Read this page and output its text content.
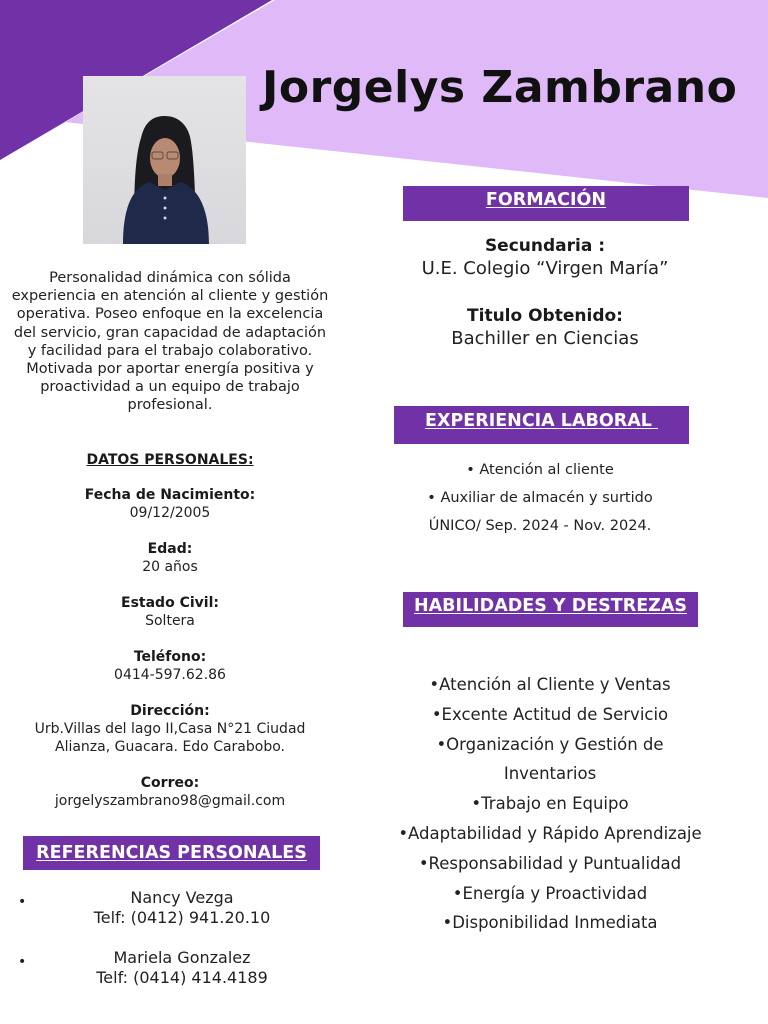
Jorgelys Zambrano

Personalidad dinámica con sólida experiencia en atención al cliente y gestión operativa. Poseo enfoque en la excelencia del servicio, gran capacidad de adaptación y facilidad para el trabajo colaborativo. Motivada por aportar energía positiva y proactividad a un equipo de trabajo profesional.

DATOS PERSONALES:
Fecha de Nacimiento:
09/12/2005
Edad:
20 años
Estado Civil:
Soltera
Teléfono:
0414-597.62.86
Dirección:
Urb.Villas del lago II,Casa N°21 Ciudad Alianza, Guacara. Edo Carabobo.
Correo:
jorgelyszambrano98@gmail.com
REFERENCIAS PERSONALES
•	Nancy Vezga
Telf: (0412) 941.20.10
•	Mariela Gonzalez
Telf: (0414) 414.4189
FORMACIÓN
Secundaria :
U.E. Colegio “Virgen María”
Titulo Obtenido:
Bachiller en Ciencias
EXPERIENCIA LABORAL
• Atención al cliente
• Auxiliar de almacén y surtido
ÚNICO/ Sep. 2024 - Nov. 2024.
HABILIDADES Y DESTREZAS
•Atención al Cliente y Ventas
•Excente Actitud de Servicio
•Organización y Gestión de
Inventarios
•Trabajo en Equipo
•Adaptabilidad y Rápido Aprendizaje
•Responsabilidad y Puntualidad
•Energía y Proactividad
•Disponibilidad Inmediata
